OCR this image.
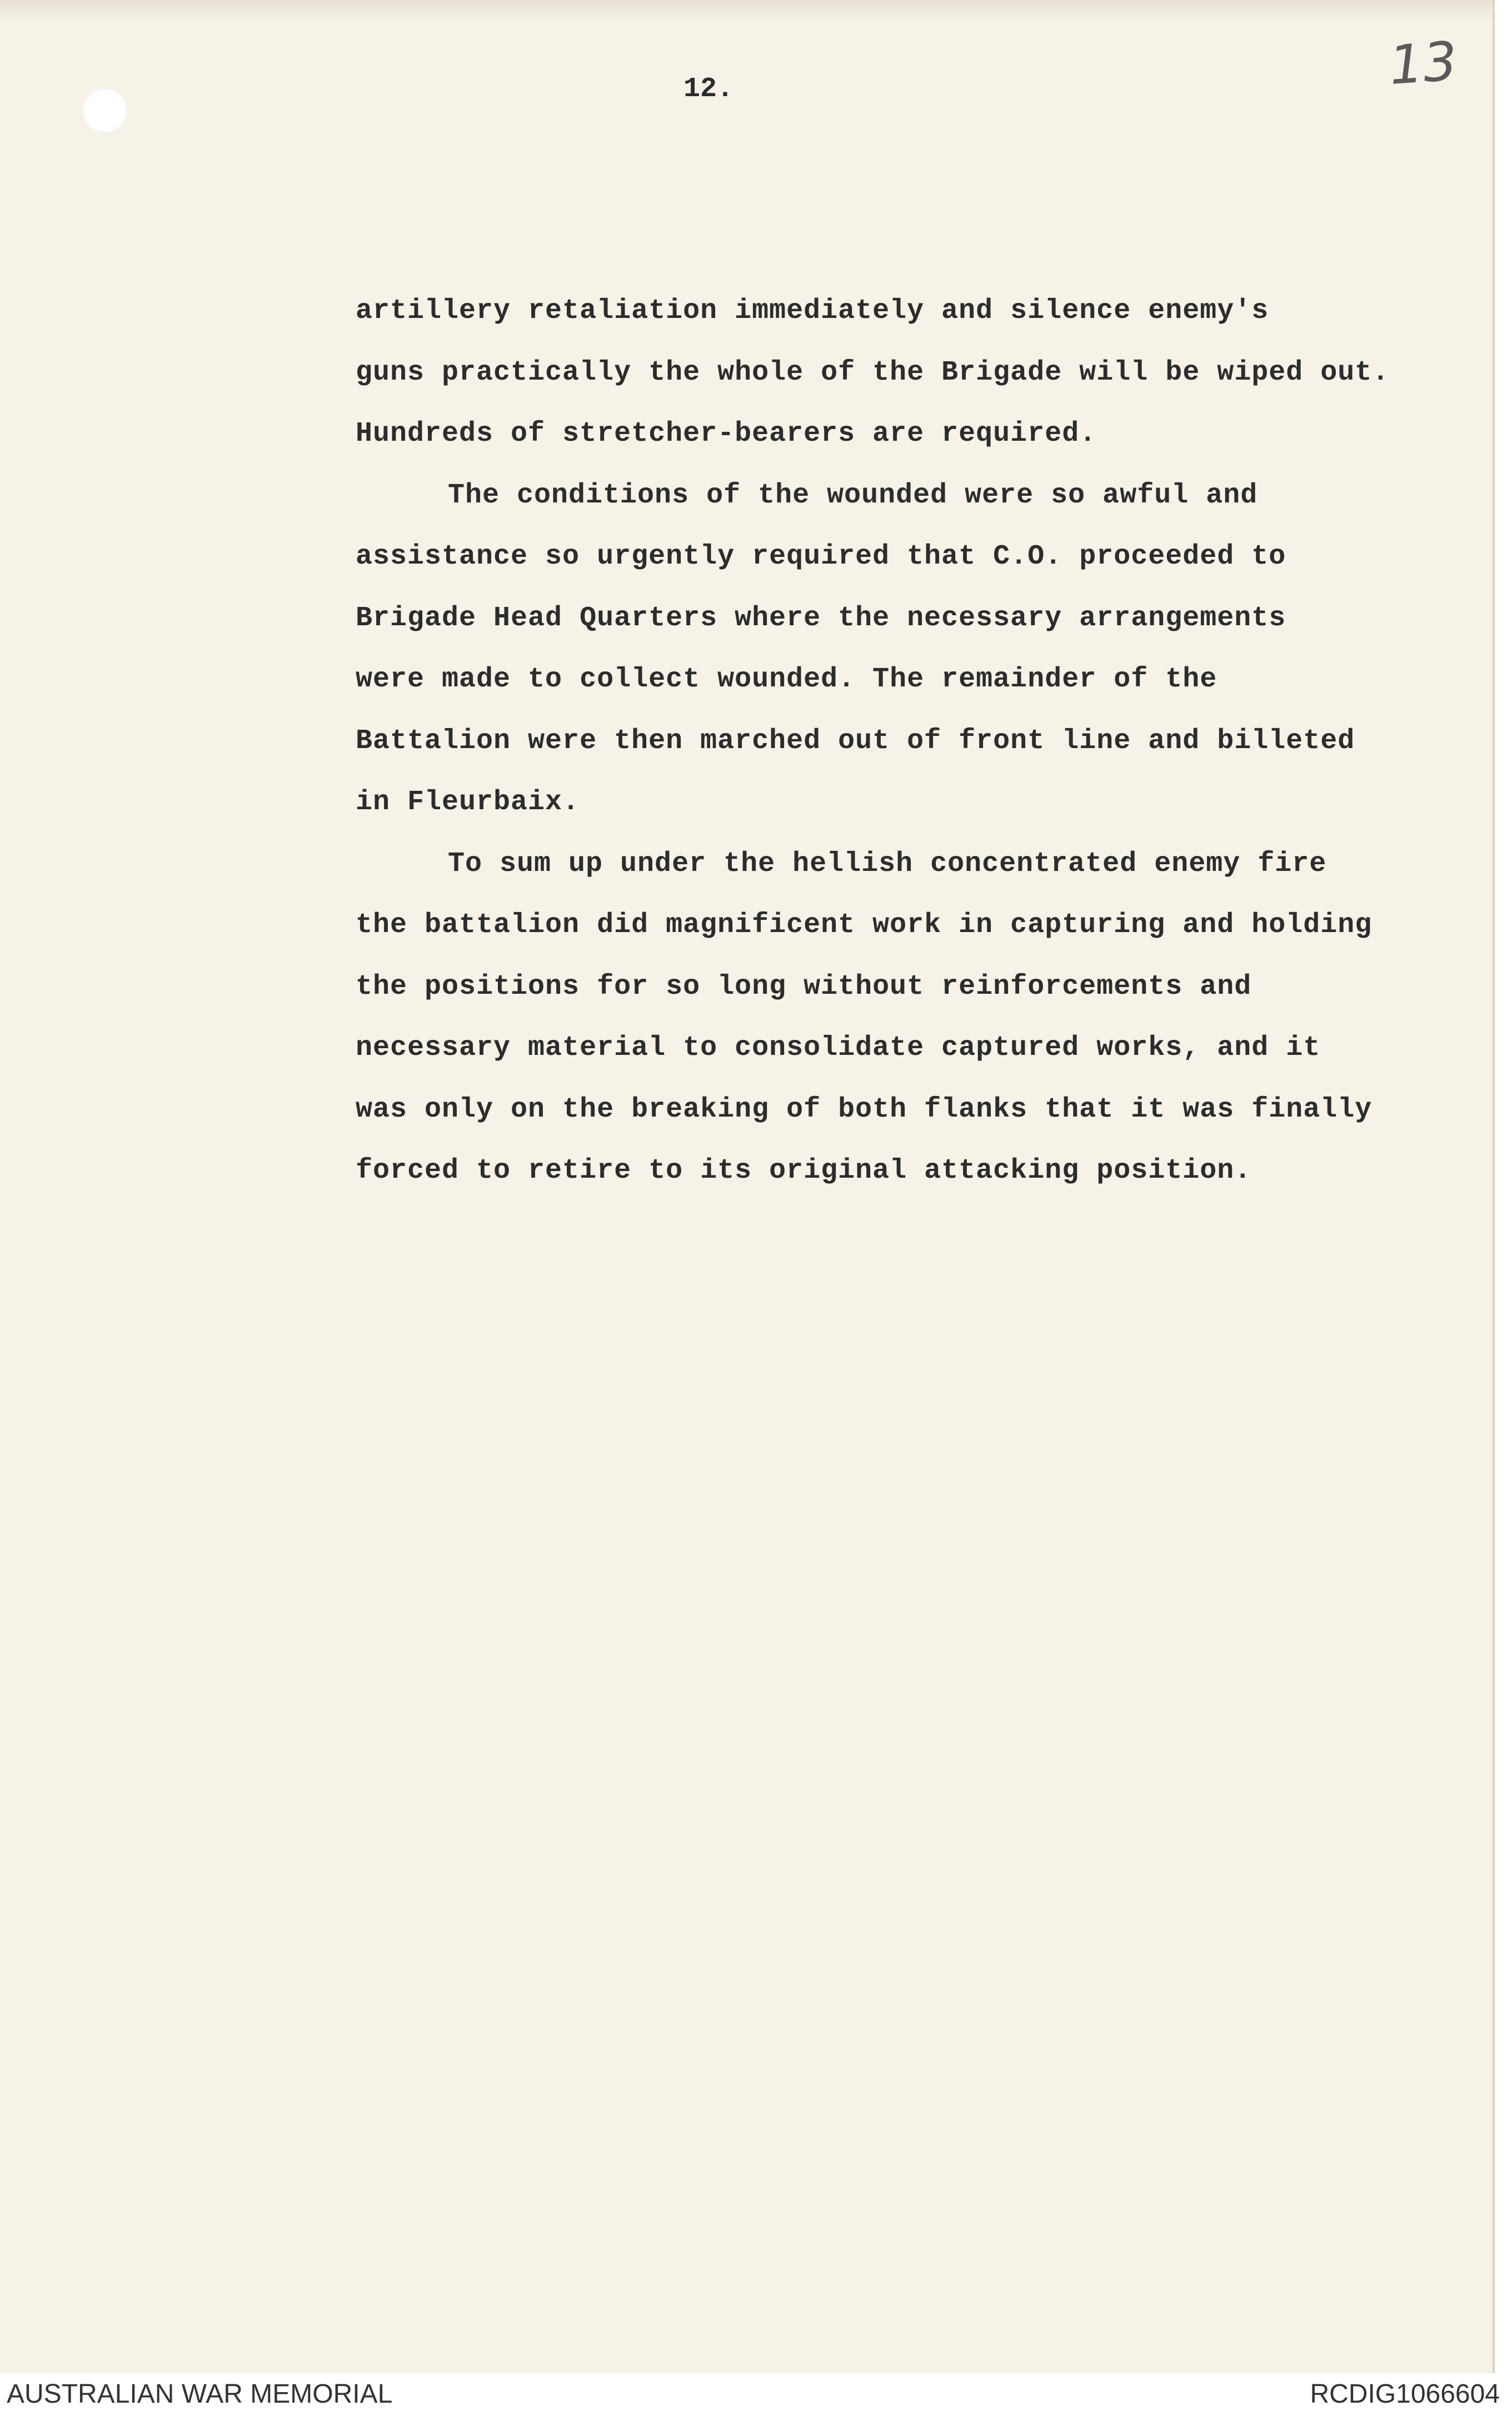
13
12.
artillery retaliation immediately and silence enemy's
guns practically the whole of the Brigade will be wiped out.
Hundreds of stretcher-bearers are required.
The conditions of the wounded were so awful and
assistance so urgently required that C.O. proceeded to
Brigade Head Quarters where the necessary arrangements
were made to collect wounded. The remainder of the
Battalion were then marched out of front line and billeted
in Fleurbaix.
To sum up under the hellish concentrated enemy fire
the battalion did magnificent work in capturing and holding
the positions for so long without reinforcements and
necessary material to consolidate captured works, and it
was only on the breaking of both flanks that it was finally
forced to retire to its original attacking position.
AUSTRALIAN WAR MEMORIAL	RCDIG1066604
